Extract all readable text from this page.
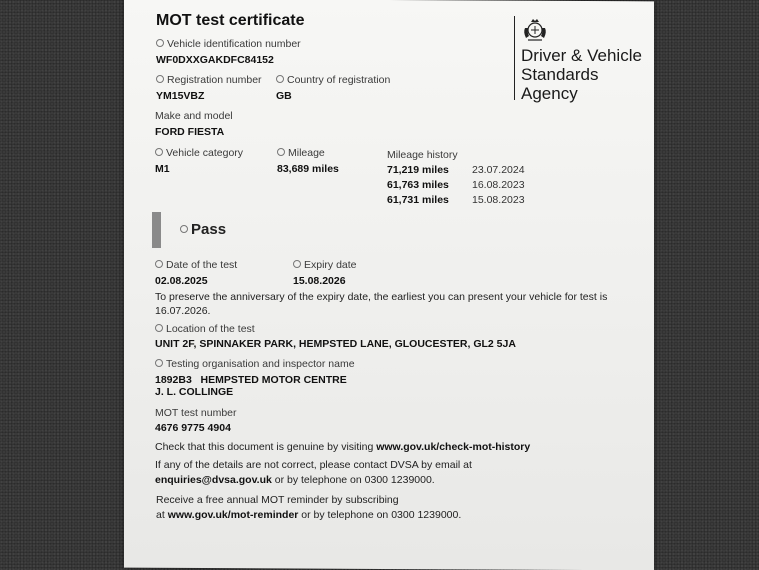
MOT test certificate
Vehicle identification number
WF0DXXGAKDFC84152
Registration number
YM15VBZ
Country of registration
GB
Make and model
FORD FIESTA
Vehicle category
M1
Mileage
83,689 miles
Mileage history
71,219 miles 23.07.2024
61,763 miles 16.08.2023
61,731 miles 15.08.2023
Driver & Vehicle
Standards
Agency
Pass
Date of the test
02.08.2025
Expiry date
15.08.2026
To preserve the anniversary of the expiry date, the earliest you can present your vehicle for test is
16.07.2026.
Location of the test
UNIT 2F, SPINNAKER PARK, HEMPSTED LANE, GLOUCESTER, GL2 5JA
Testing organisation and inspector name
1892B3   HEMPSTED MOTOR CENTRE
J. L. COLLINGE
MOT test number
4676 9775 4904
Check that this document is genuine by visiting www.gov.uk/check-mot-history
If any of the details are not correct, please contact DVSA by email at
enquiries@dvsa.gov.uk or by telephone on 0300 1239000.
Receive a free annual MOT reminder by subscribing
at www.gov.uk/mot-reminder or by telephone on 0300 1239000.
